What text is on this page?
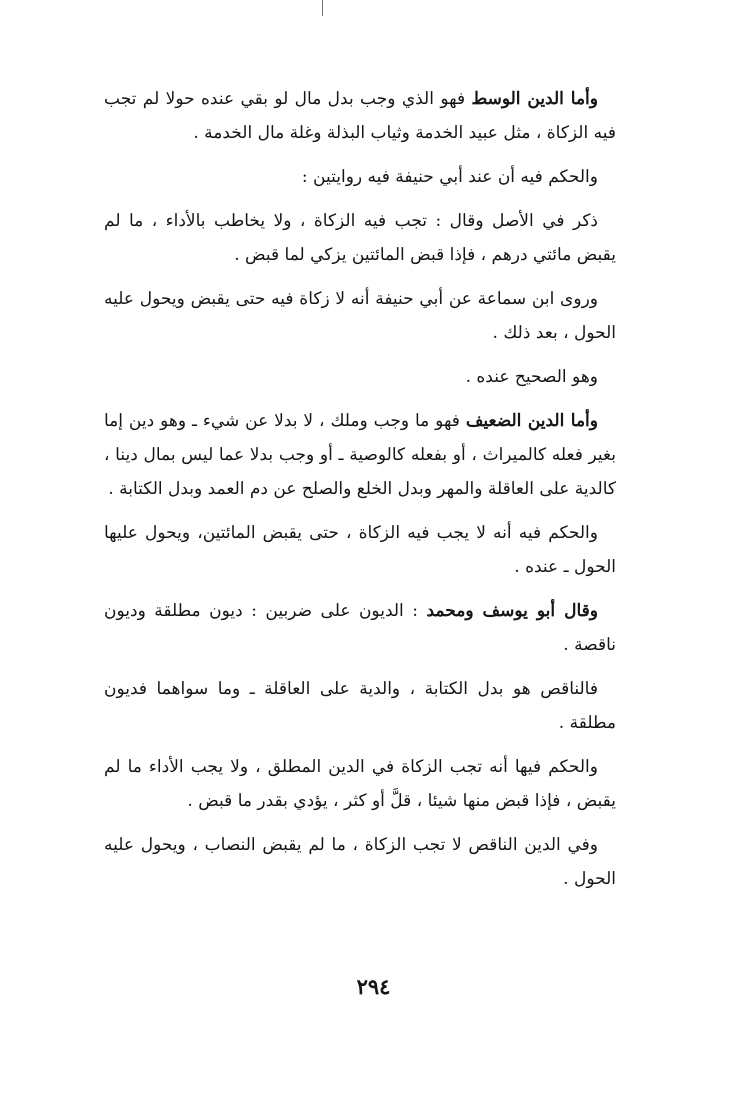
وأما الدين الوسط فهو الذي وجب بدل مال لو بقي عنده حولا لم تجب فيه الزكاة ، مثل عبيد الخدمة وثياب البذلة وغلة مال الخدمة .

والحكم فيه أن عند أبي حنيفة فيه روايتين :

ذكر في الأصل وقال : تجب فيه الزكاة ، ولا يخاطب بالأداء ، ما لم يقبض مائتي درهم ، فإذا قبض المائتين يزكي لما قبض .

وروى ابن سماعة عن أبي حنيفة أنه لا زكاة فيه حتى يقبض ويحول عليه الحول ، بعد ذلك .

وهو الصحيح عنده .

وأما الدين الضعيف فهو ما وجب وملك ، لا بدلا عن شيء ـ وهو دين إما بغير فعله كالميراث ، أو بفعله كالوصية ـ أو وجب بدلا عما ليس بمال دينا ، كالدية على العاقلة والمهر وبدل الخلع والصلح عن دم العمد وبدل الكتابة .

والحكم فيه أنه لا يجب فيه الزكاة ، حتى يقبض المائتين، ويحول عليها الحول ـ عنده .

وقال أبو يوسف ومحمد : الديون على ضربين : ديون مطلقة وديون ناقصة .

فالناقص هو بدل الكتابة ، والدية على العاقلة ـ وما سواهما فديون مطلقة .

والحكم فيها أنه تجب الزكاة في الدين المطلق ، ولا يجب الأداء ما لم يقبض ، فإذا قبض منها شيئا ، قلَّ أو كثر ، يؤدي بقدر ما قبض .

وفي الدين الناقص لا تجب الزكاة ، ما لم يقبض النصاب ، ويحول عليه الحول .

٢٩٤
